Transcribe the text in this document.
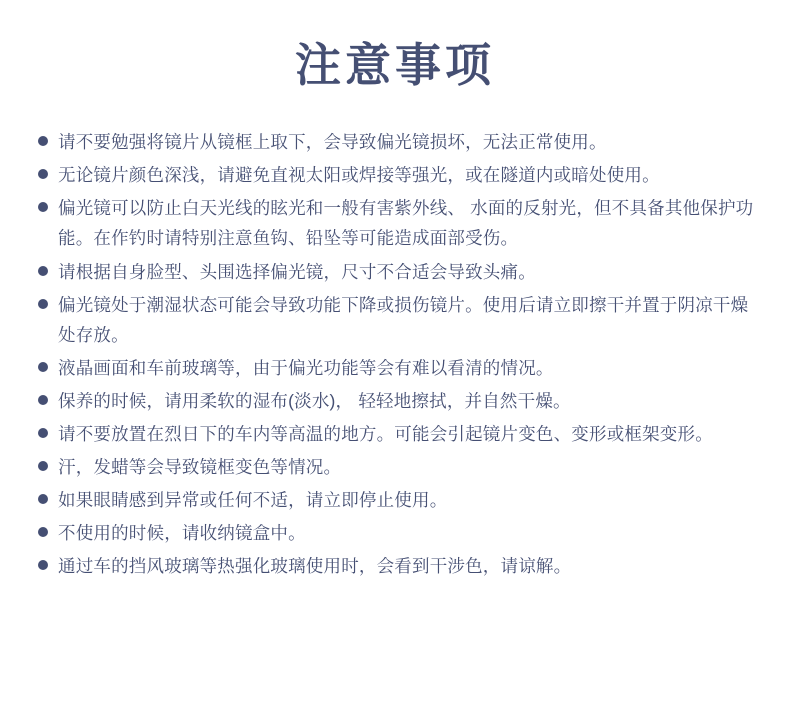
注意事项
请不要勉强将镜片从镜框上取下，会导致偏光镜损坏，无法正常使用。
无论镜片颜色深浅，请避免直视太阳或焊接等强光，或在隧道内或暗处使用。
偏光镜可以防止白天光线的眩光和一般有害紫外线、 水面的反射光，但不具备其他保护功能。在作钓时请特别注意鱼钩、铅坠等可能造成面部受伤。
请根据自身脸型、头围选择偏光镜，尺寸不合适会导致头痛。
偏光镜处于潮湿状态可能会导致功能下降或损伤镜片。使用后请立即擦干并置于阴凉干燥处存放。
液晶画面和车前玻璃等，由于偏光功能等会有难以看清的情况。
保养的时候，请用柔软的湿布(淡水)， 轻轻地擦拭，并自然干燥。
请不要放置在烈日下的车内等高温的地方。可能会引起镜片变色、变形或框架变形。
汗，发蜡等会导致镜框变色等情况。
如果眼睛感到异常或任何不适，请立即停止使用。
不使用的时候，请收纳镜盒中。
通过车的挡风玻璃等热强化玻璃使用时，会看到干涉色，请谅解。
